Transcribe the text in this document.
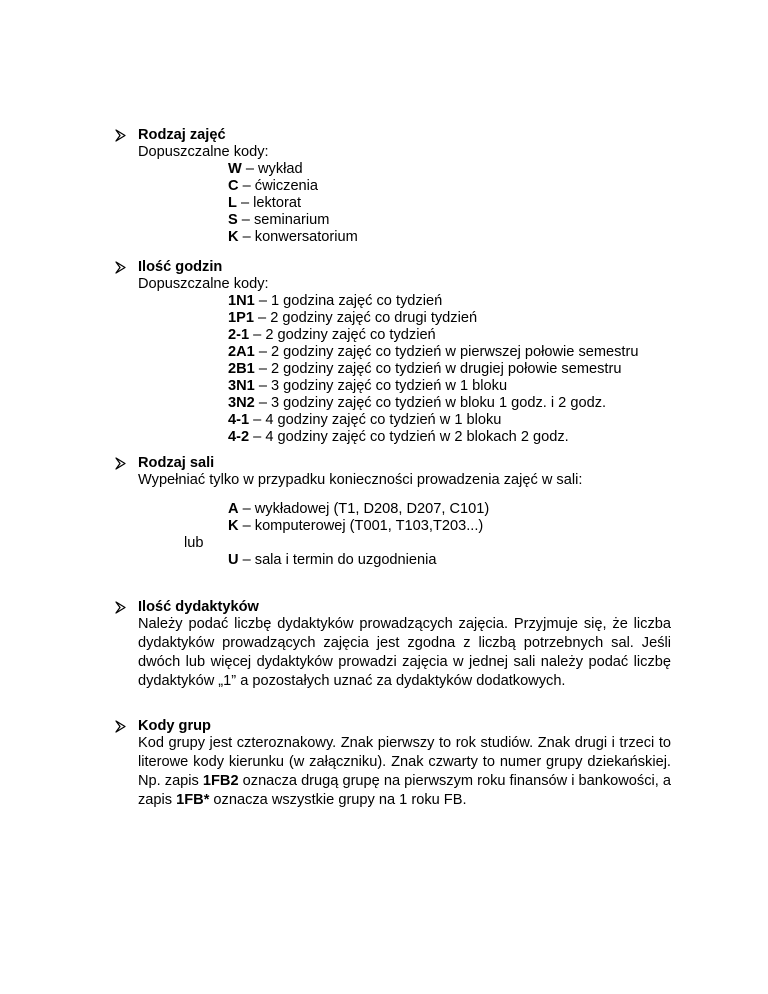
Rodzaj zajęć
Dopuszczalne kody:
W – wykład
C – ćwiczenia
L – lektorat
S – seminarium
K – konwersatorium
Ilość godzin
Dopuszczalne kody:
1N1 – 1 godzina zajęć co tydzień
1P1 – 2 godziny zajęć co drugi tydzień
2-1 – 2 godziny zajęć co tydzień
2A1 – 2 godziny zajęć co tydzień w pierwszej połowie semestru
2B1 – 2 godziny zajęć co tydzień w drugiej połowie semestru
3N1 – 3 godziny zajęć co tydzień w 1 bloku
3N2 – 3 godziny zajęć co tydzień w bloku 1 godz. i 2 godz.
4-1 – 4 godziny zajęć co tydzień w 1 bloku
4-2 – 4 godziny zajęć co tydzień w 2 blokach 2 godz.
Rodzaj sali
Wypełniać tylko w przypadku konieczności prowadzenia zajęć w sali:
A – wykładowej (T1, D208, D207, C101)
K – komputerowej (T001, T103,T203...)
lub
U – sala i termin do uzgodnienia
Ilość dydaktyków
Należy podać liczbę dydaktyków prowadzących zajęcia. Przyjmuje się, że liczba dydaktyków prowadzących zajęcia jest zgodna z liczbą potrzebnych sal. Jeśli dwóch lub więcej dydaktyków prowadzi zajęcia w jednej sali należy podać liczbę dydaktyków „1” a pozostałych uznać za dydaktyków dodatkowych.
Kody grup
Kod grupy jest czteroznakowy. Znak pierwszy to rok studiów. Znak drugi i trzeci to literowe kody kierunku (w załączniku). Znak czwarty to numer grupy dziekańskiej. Np. zapis 1FB2 oznacza drugą grupę na pierwszym roku finansów i bankowości, a zapis 1FB* oznacza wszystkie grupy na 1 roku FB.
